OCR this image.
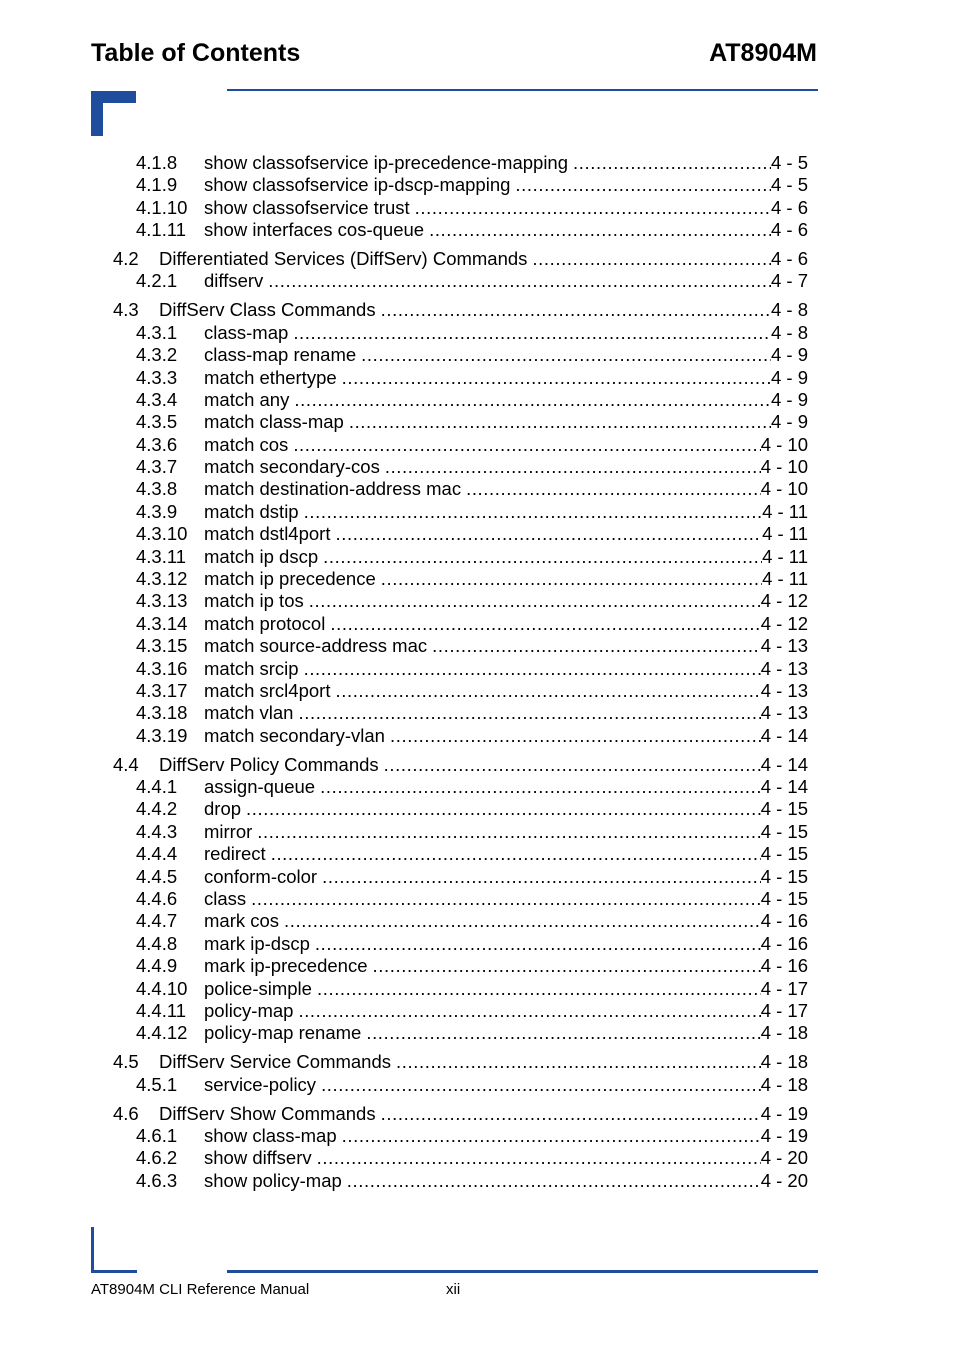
Table of Contents	AT8904M
4.1.8 show classofservice ip-precedence-mapping .....	4 - 5
4.1.9 show classofservice ip-dscp-mapping .....	4 - 5
4.1.10 show classofservice trust .....	4 - 6
4.1.11 show interfaces cos-queue .....	4 - 6
4.2 Differentiated Services (DiffServ) Commands .....	4 - 6
4.2.1 diffserv .....	4 - 7
4.3 DiffServ Class Commands .....	4 - 8
4.3.1 class-map .....	4 - 8
4.3.2 class-map rename .....	4 - 9
4.3.3 match ethertype .....	4 - 9
4.3.4 match any .....	4 - 9
4.3.5 match class-map .....	4 - 9
4.3.6 match cos .....	4 - 10
4.3.7 match secondary-cos .....	4 - 10
4.3.8 match destination-address mac .....	4 - 10
4.3.9 match dstip .....	4 - 11
4.3.10 match dstl4port .....	4 - 11
4.3.11 match ip dscp .....	4 - 11
4.3.12 match ip precedence .....	4 - 11
4.3.13 match ip tos .....	4 - 12
4.3.14 match protocol .....	4 - 12
4.3.15 match source-address mac .....	4 - 13
4.3.16 match srcip .....	4 - 13
4.3.17 match srcl4port .....	4 - 13
4.3.18 match vlan .....	4 - 13
4.3.19 match secondary-vlan .....	4 - 14
4.4 DiffServ Policy Commands .....	4 - 14
4.4.1 assign-queue .....	4 - 14
4.4.2 drop .....	4 - 15
4.4.3 mirror .....	4 - 15
4.4.4 redirect .....	4 - 15
4.4.5 conform-color .....	4 - 15
4.4.6 class .....	4 - 15
4.4.7 mark cos .....	4 - 16
4.4.8 mark ip-dscp .....	4 - 16
4.4.9 mark ip-precedence .....	4 - 16
4.4.10 police-simple .....	4 - 17
4.4.11 policy-map .....	4 - 17
4.4.12 policy-map rename .....	4 - 18
4.5 DiffServ Service Commands .....	4 - 18
4.5.1 service-policy .....	4 - 18
4.6 DiffServ Show Commands .....	4 - 19
4.6.1 show class-map .....	4 - 19
4.6.2 show diffserv .....	4 - 20
4.6.3 show policy-map .....	4 - 20
AT8904M CLI Reference Manual	xii
